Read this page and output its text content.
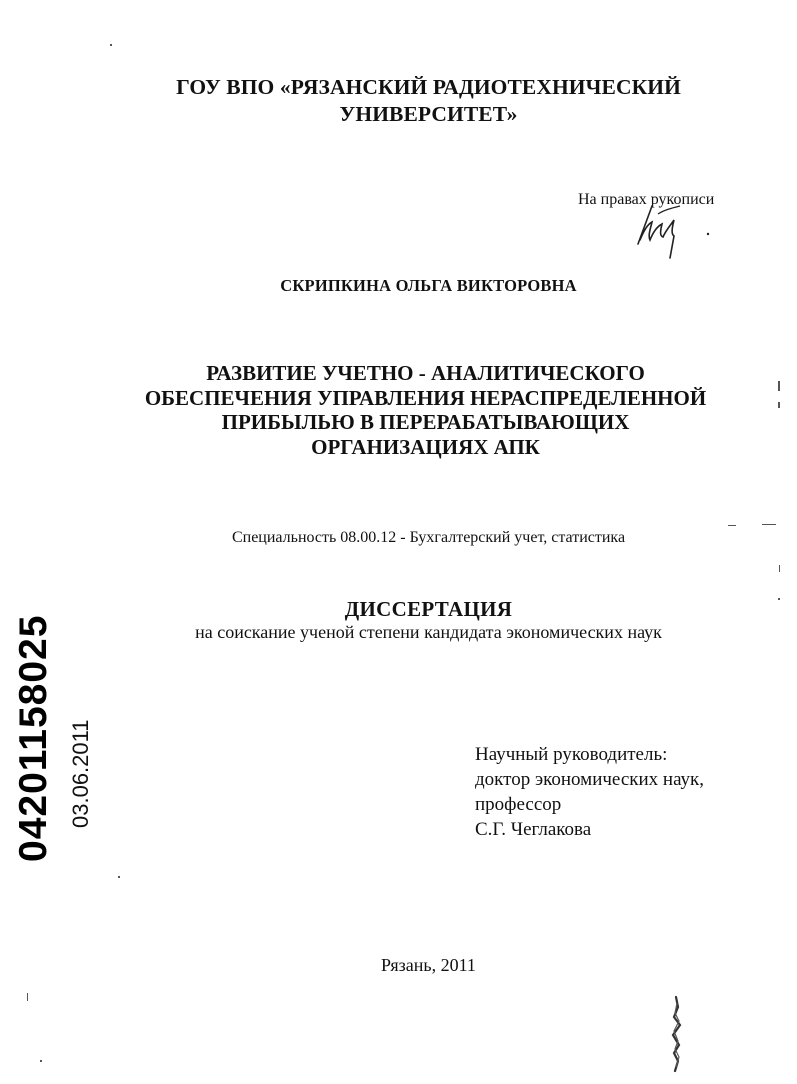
ГОУ ВПО «РЯЗАНСКИЙ РАДИОТЕХНИЧЕСКИЙ
УНИВЕРСИТЕТ»
На правах рукописи
СКРИПКИНА ОЛЬГА ВИКТОРОВНА
РАЗВИТИЕ УЧЕТНО - АНАЛИТИЧЕСКОГО
ОБЕСПЕЧЕНИЯ УПРАВЛЕНИЯ НЕРАСПРЕДЕЛЕННОЙ
ПРИБЫЛЬЮ В ПЕРЕРАБАТЫВАЮЩИХ
ОРГАНИЗАЦИЯХ АПК
Специальность 08.00.12 - Бухгалтерский учет, статистика
ДИССЕРТАЦИЯ
на соискание ученой степени кандидата экономических наук
Научный руководитель:
доктор экономических наук,
профессор
С.Г. Чеглакова
Рязань, 2011
04201158025 03.06.2011
